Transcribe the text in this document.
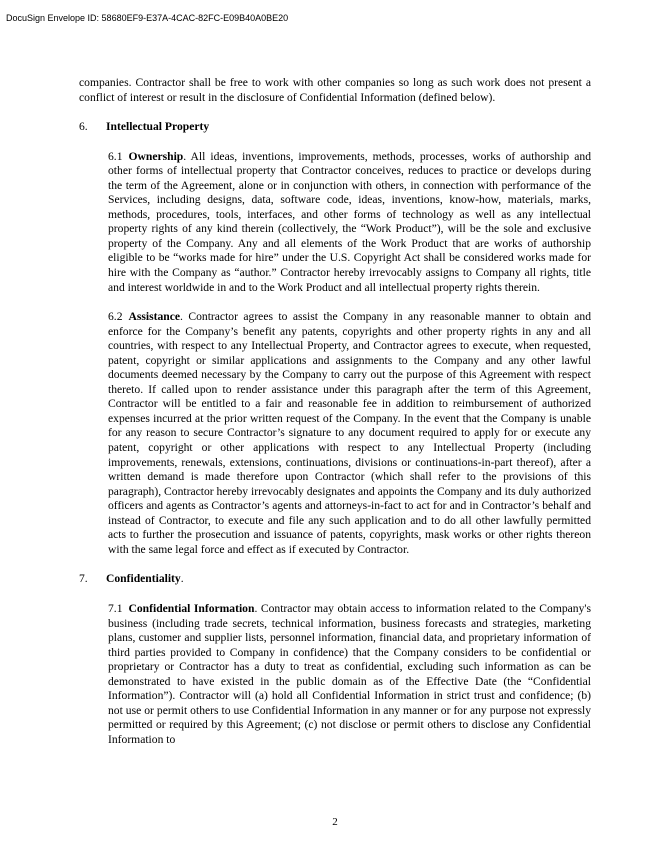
DocuSign Envelope ID: 58680EF9-E37A-4CAC-82FC-E09B40A0BE20

companies. Contractor shall be free to work with other companies so long as such work does not present a conflict of interest or result in the disclosure of Confidential Information (defined below).

6. Intellectual Property

6.1 Ownership. All ideas, inventions, improvements, methods, processes, works of authorship and other forms of intellectual property that Contractor conceives, reduces to practice or develops during the term of the Agreement, alone or in conjunction with others, in connection with performance of the Services, including designs, data, software code, ideas, inventions, know-how, materials, marks, methods, procedures, tools, interfaces, and other forms of technology as well as any intellectual property rights of any kind therein (collectively, the “Work Product”), will be the sole and exclusive property of the Company. Any and all elements of the Work Product that are works of authorship eligible to be “works made for hire” under the U.S. Copyright Act shall be considered works made for hire with the Company as “author.” Contractor hereby irrevocably assigns to Company all rights, title and interest worldwide in and to the Work Product and all intellectual property rights therein.

6.2 Assistance. Contractor agrees to assist the Company in any reasonable manner to obtain and enforce for the Company’s benefit any patents, copyrights and other property rights in any and all countries, with respect to any Intellectual Property, and Contractor agrees to execute, when requested, patent, copyright or similar applications and assignments to the Company and any other lawful documents deemed necessary by the Company to carry out the purpose of this Agreement with respect thereto. If called upon to render assistance under this paragraph after the term of this Agreement, Contractor will be entitled to a fair and reasonable fee in addition to reimbursement of authorized expenses incurred at the prior written request of the Company. In the event that the Company is unable for any reason to secure Contractor’s signature to any document required to apply for or execute any patent, copyright or other applications with respect to any Intellectual Property (including improvements, renewals, extensions, continuations, divisions or continuations-in-part thereof), after a written demand is made therefore upon Contractor (which shall refer to the provisions of this paragraph), Contractor hereby irrevocably designates and appoints the Company and its duly authorized officers and agents as Contractor’s agents and attorneys-in-fact to act for and in Contractor’s behalf and instead of Contractor, to execute and file any such application and to do all other lawfully permitted acts to further the prosecution and issuance of patents, copyrights, mask works or other rights thereon with the same legal force and effect as if executed by Contractor.

7. Confidentiality.

7.1 Confidential Information. Contractor may obtain access to information related to the Company's business (including trade secrets, technical information, business forecasts and strategies, marketing plans, customer and supplier lists, personnel information, financial data, and proprietary information of third parties provided to Company in confidence) that the Company considers to be confidential or proprietary or Contractor has a duty to treat as confidential, excluding such information as can be demonstrated to have existed in the public domain as of the Effective Date (the “Confidential Information”). Contractor will (a) hold all Confidential Information in strict trust and confidence; (b) not use or permit others to use Confidential Information in any manner or for any purpose not expressly permitted or required by this Agreement; (c) not disclose or permit others to disclose any Confidential Information to

2
